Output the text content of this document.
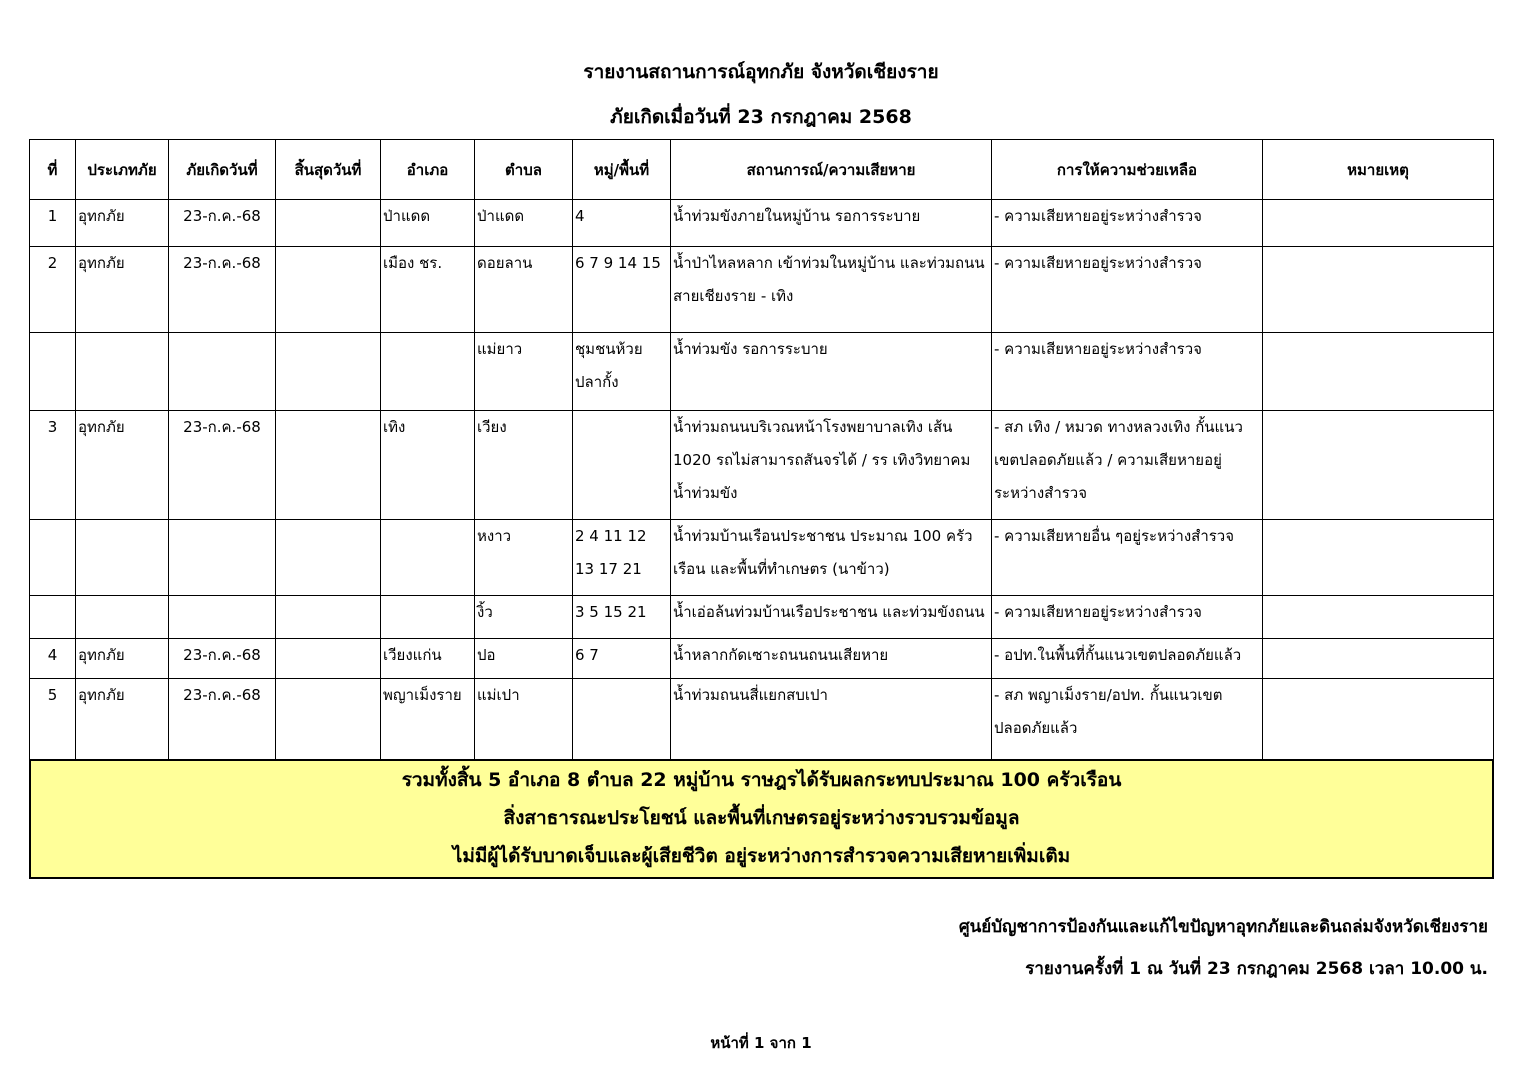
รายงานสถานการณ์อุทกภัย จังหวัดเชียงราย
ภัยเกิดเมื่อวันที่ 23 กรกฎาคม 2568
ที่	ประเภทภัย	ภัยเกิดวันที่	สิ้นสุดวันที่	อำเภอ	ตำบล	หมู่/พื้นที่	สถานการณ์/ความเสียหาย	การให้ความช่วยเหลือ	หมายเหตุ
1	อุทกภัย	23-ก.ค.-68		ป่าแดด	ป่าแดด	4	น้ำท่วมขังภายในหมู่บ้าน รอการระบาย	- ความเสียหายอยู่ระหว่างสำรวจ	
2	อุทกภัย	23-ก.ค.-68		เมือง ชร.	ดอยลาน	6 7 9 14 15	น้ำป่าไหลหลาก เข้าท่วมในหมู่บ้าน และท่วมถนนสายเชียงราย - เทิง	- ความเสียหายอยู่ระหว่างสำรวจ	
					แม่ยาว	ชุมชนห้วยปลากั้ง	น้ำท่วมขัง รอการระบาย	- ความเสียหายอยู่ระหว่างสำรวจ	
3	อุทกภัย	23-ก.ค.-68		เทิง	เวียง		น้ำท่วมถนนบริเวณหน้าโรงพยาบาลเทิง เส้น 1020 รถไม่สามารถสันจรได้ / รร เทิงวิทยาคม น้ำท่วมขัง	- สภ เทิง / หมวด ทางหลวงเทิง กั้นแนวเขตปลอดภัยแล้ว / ความเสียหายอยู่ระหว่างสำรวจ	
					หงาว	2 4 11 12 13 17 21	น้ำท่วมบ้านเรือนประชาชน ประมาณ 100 ครัวเรือน และพื้นที่ทำเกษตร (นาข้าว)	- ความเสียหายอื่น ๆอยู่ระหว่างสำรวจ	
					งิ้ว	3 5 15 21	น้ำเอ่อล้นท่วมบ้านเรือประชาชน และท่วมขังถนน	- ความเสียหายอยู่ระหว่างสำรวจ	
4	อุทกภัย	23-ก.ค.-68		เวียงแก่น	ปอ	6 7	น้ำหลากกัดเซาะถนนถนนเสียหาย	- อปท.ในพื้นที่กั้นแนวเขตปลอดภัยแล้ว	
5	อุทกภัย	23-ก.ค.-68		พญาเม็งราย	แม่เปา		น้ำท่วมถนนสี่แยกสบเปา	- สภ พญาเม็งราย/อปท. กั้นแนวเขตปลอดภัยแล้ว	
รวมทั้งสิ้น 5 อำเภอ 8 ตำบล 22 หมู่บ้าน ราษฎรได้รับผลกระทบประมาณ 100 ครัวเรือน
สิ่งสาธารณะประโยชน์ และพื้นที่เกษตรอยู่ระหว่างรวบรวมข้อมูล
ไม่มีผู้ได้รับบาดเจ็บและผู้เสียชีวิต อยู่ระหว่างการสำรวจความเสียหายเพิ่มเติม
ศูนย์บัญชาการป้องกันและแก้ไขปัญหาอุทกภัยและดินถล่มจังหวัดเชียงราย
รายงานครั้งที่ 1 ณ วันที่ 23 กรกฎาคม 2568 เวลา 10.00 น.
หน้าที่ 1 จาก 1
